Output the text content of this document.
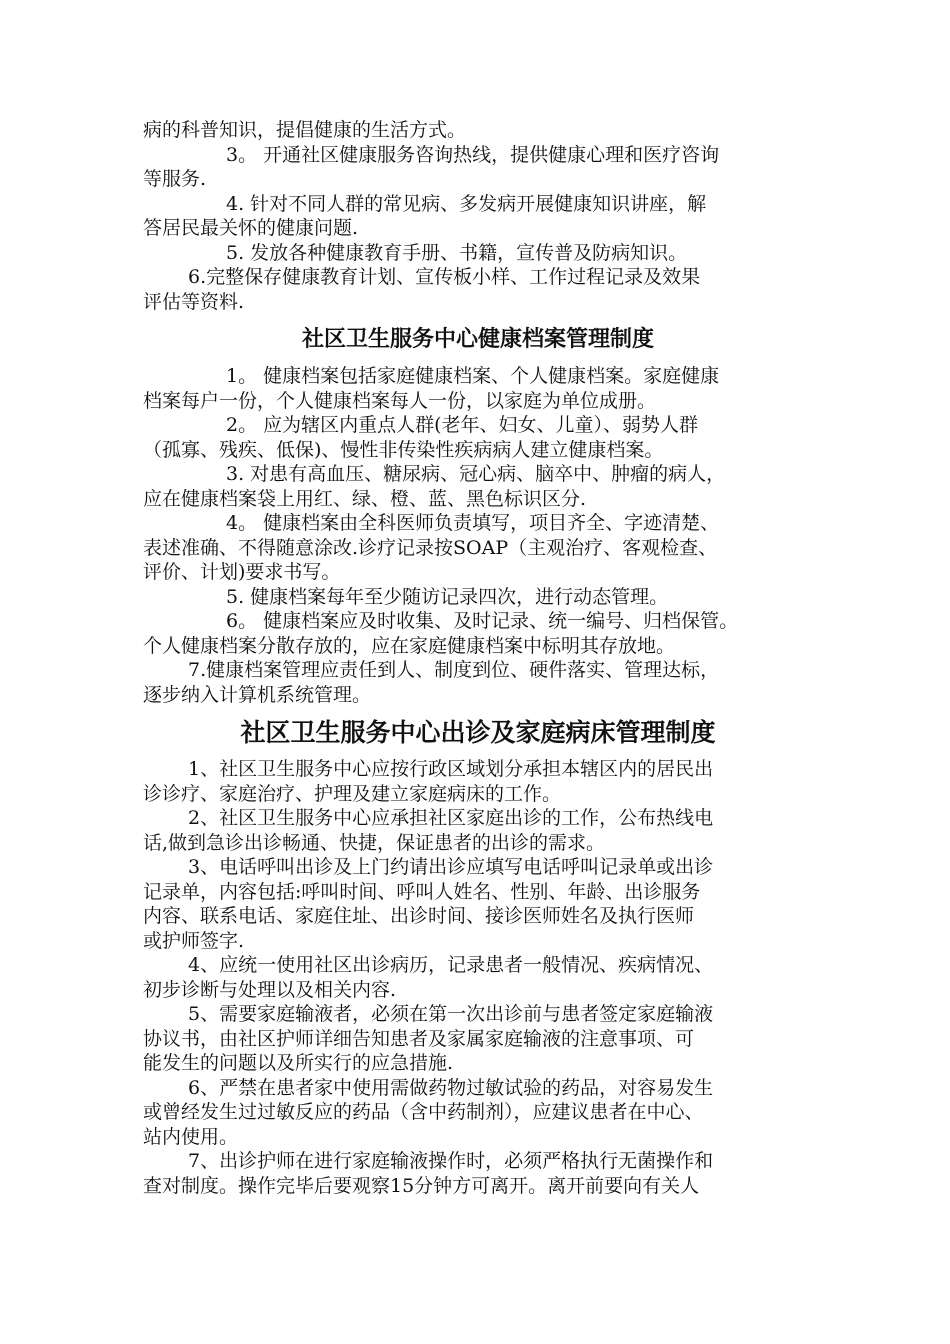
病的科普知识，提倡健康的生活方式。
3。 开通社区健康服务咨询热线，提供健康心理和医疗咨询
等服务.
4. 针对不同人群的常见病、多发病开展健康知识讲座，解
答居民最关怀的健康问题.
5. 发放各种健康教育手册、书籍，宣传普及防病知识。
6.完整保存健康教育计划、宣传板小样、工作过程记录及效果
评估等资料.
社区卫生服务中心健康档案管理制度
1。 健康档案包括家庭健康档案、个人健康档案。家庭健康
档案每户一份，个人健康档案每人一份，以家庭为单位成册。
2。 应为辖区内重点人群(老年、妇女、儿童）、弱势人群
（孤寡、残疾、低保)、慢性非传染性疾病病人建立健康档案。
3. 对患有高血压、糖尿病、冠心病、脑卒中、肿瘤的病人，
应在健康档案袋上用红、绿、橙、蓝、黑色标识区分.
4。 健康档案由全科医师负责填写，项目齐全、字迹清楚、
表述准确、不得随意涂改.诊疗记录按SOAP（主观治疗、客观检查、
评价、计划)要求书写。
5. 健康档案每年至少随访记录四次，进行动态管理。
6。 健康档案应及时收集、及时记录、统一编号、归档保管。
个人健康档案分散存放的，应在家庭健康档案中标明其存放地。
7.健康档案管理应责任到人、制度到位、硬件落实、管理达标，
逐步纳入计算机系统管理。
社区卫生服务中心出诊及家庭病床管理制度
1、社区卫生服务中心应按行政区域划分承担本辖区内的居民出
诊诊疗、家庭治疗、护理及建立家庭病床的工作。
2、社区卫生服务中心应承担社区家庭出诊的工作，公布热线电
话,做到急诊出诊畅通、快捷，保证患者的出诊的需求。
3、电话呼叫出诊及上门约请出诊应填写电话呼叫记录单或出诊
记录单，内容包括:呼叫时间、呼叫人姓名、性别、年龄、出诊服务
内容、联系电话、家庭住址、出诊时间、接诊医师姓名及执行医师
或护师签字.
4、应统一使用社区出诊病历，记录患者一般情况、疾病情况、
初步诊断与处理以及相关内容.
5、需要家庭输液者，必须在第一次出诊前与患者签定家庭输液
协议书，由社区护师详细告知患者及家属家庭输液的注意事项、可
能发生的问题以及所实行的应急措施.
6、严禁在患者家中使用需做药物过敏试验的药品，对容易发生
或曾经发生过过敏反应的药品（含中药制剂），应建议患者在中心、
站内使用。
7、出诊护师在进行家庭输液操作时，必须严格执行无菌操作和
查对制度。操作完毕后要观察15分钟方可离开。离开前要向有关人
